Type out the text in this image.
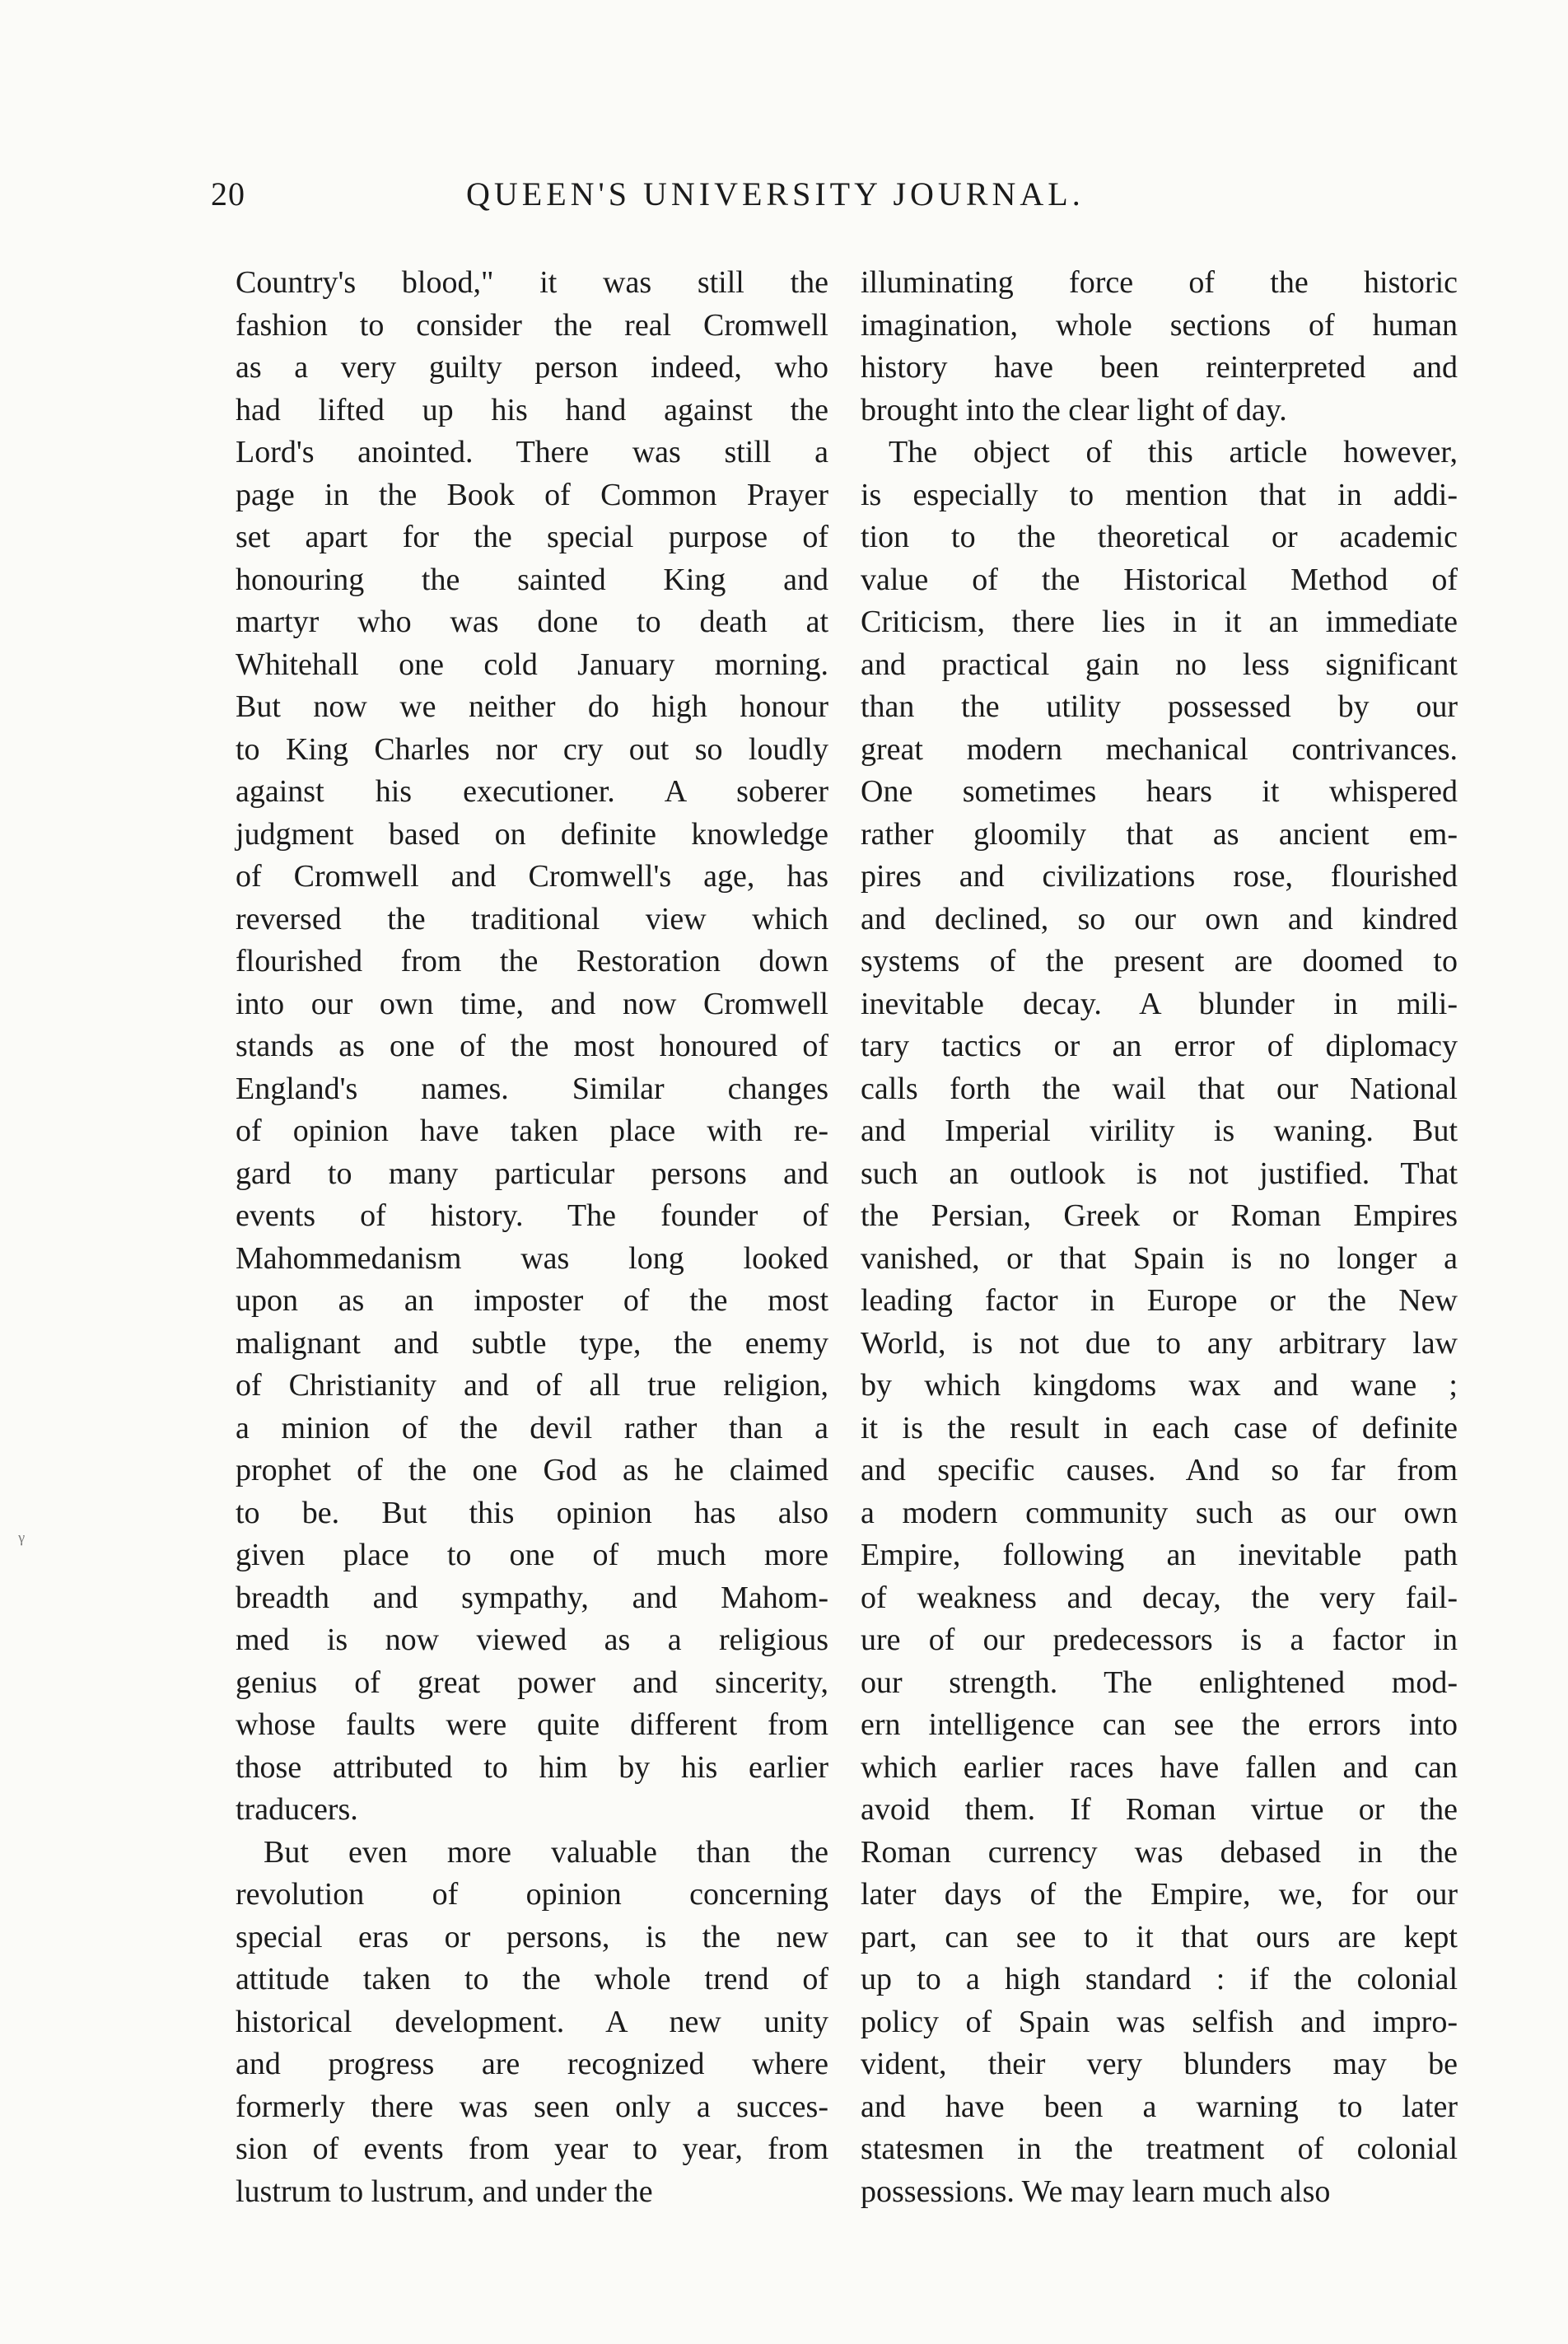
20	QUEEN'S UNIVERSITY JOURNAL.
Country's blood," it was still the
fashion to consider the real Cromwell
as a very guilty person indeed, who
had lifted up his hand against the
Lord's anointed. There was still a
page in the Book of Common Prayer
set apart for the special purpose of
honouring the sainted King and
martyr who was done to death at
Whitehall one cold January morning.
But now we neither do high honour
to King Charles nor cry out so loudly
against his executioner. A soberer
judgment based on definite knowledge
of Cromwell and Cromwell's age, has
reversed the traditional view which
flourished from the Restoration down
into our own time, and now Cromwell
stands as one of the most honoured of
England's names. Similar changes
of opinion have taken place with re-
gard to many particular persons and
events of history. The founder of
Mahommedanism was long looked
upon as an imposter of the most
malignant and subtle type, the enemy
of Christianity and of all true religion,
a minion of the devil rather than a
prophet of the one God as he claimed
to be. But this opinion has also
given place to one of much more
breadth and sympathy, and Mahom-
med is now viewed as a religious
genius of great power and sincerity,
whose faults were quite different from
those attributed to him by his earlier
traducers.
But even more valuable than the
revolution of opinion concerning
special eras or persons, is the new
attitude taken to the whole trend of
historical development. A new unity
and progress are recognized where
formerly there was seen only a succes-
sion of events from year to year, from
lustrum to lustrum, and under the
illuminating force of the historic
imagination, whole sections of human
history have been reinterpreted and
brought into the clear light of day.
The object of this article however,
is especially to mention that in addi-
tion to the theoretical or academic
value of the Historical Method of
Criticism, there lies in it an immediate
and practical gain no less significant
than the utility possessed by our
great modern mechanical contrivances.
One sometimes hears it whispered
rather gloomily that as ancient em-
pires and civilizations rose, flourished
and declined, so our own and kindred
systems of the present are doomed to
inevitable decay. A blunder in mili-
tary tactics or an error of diplomacy
calls forth the wail that our National
and Imperial virility is waning. But
such an outlook is not justified. That
the Persian, Greek or Roman Empires
vanished, or that Spain is no longer a
leading factor in Europe or the New
World, is not due to any arbitrary law
by which kingdoms wax and wane ;
it is the result in each case of definite
and specific causes. And so far from
a modern community such as our own
Empire, following an inevitable path
of weakness and decay, the very fail-
ure of our predecessors is a factor in
our strength. The enlightened mod-
ern intelligence can see the errors into
which earlier races have fallen and can
avoid them. If Roman virtue or the
Roman currency was debased in the
later days of the Empire, we, for our
part, can see to it that ours are kept
up to a high standard : if the colonial
policy of Spain was selfish and impro-
vident, their very blunders may be
and have been a warning to later
statesmen in the treatment of colonial
possessions. We may learn much also
ᵞ
